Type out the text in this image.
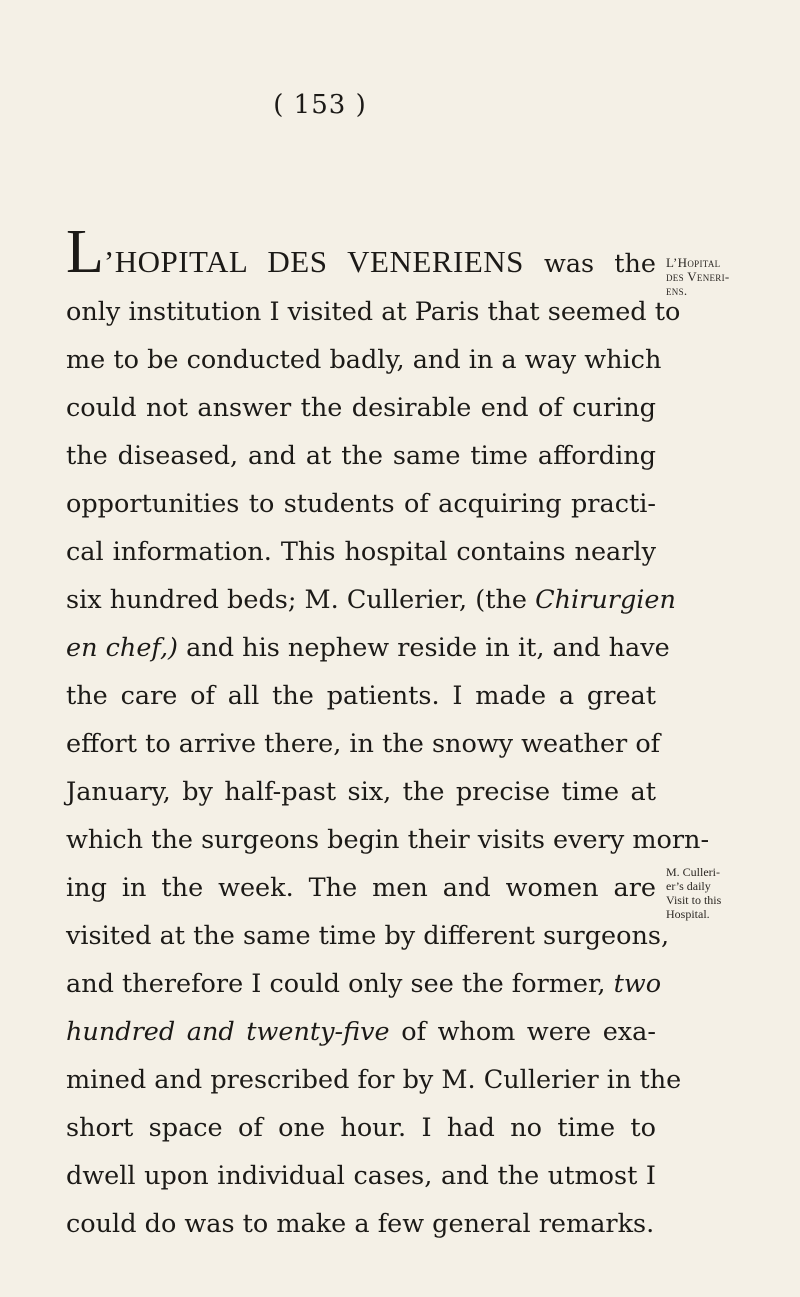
( 153 )
L’HOPITAL DES VENERIENS was the
only institution I visited at Paris that seemed to
me to be conducted badly, and in a way which
could not answer the desirable end of curing
the diseased, and at the same time affording
opportunities to students of acquiring practi-
cal information. This hospital contains nearly
six hundred beds; M. Cullerier, (the Chirurgien
en chef,) and his nephew reside in it, and have
the care of all the patients. I made a great
effort to arrive there, in the snowy weather of
January, by half-past six, the precise time at
which the surgeons begin their visits every morn-
ing in the week. The men and women are
visited at the same time by different surgeons,
and therefore I could only see the former, two
hundred and twenty-five of whom were exa-
mined and prescribed for by M. Cullerier in the
short space of one hour. I had no time to
dwell upon individual cases, and the utmost I
could do was to make a few general remarks.
L’Hopital
des Veneri-
ens.
M. Culleri-
er’s daily
Visit to this
Hospital.
